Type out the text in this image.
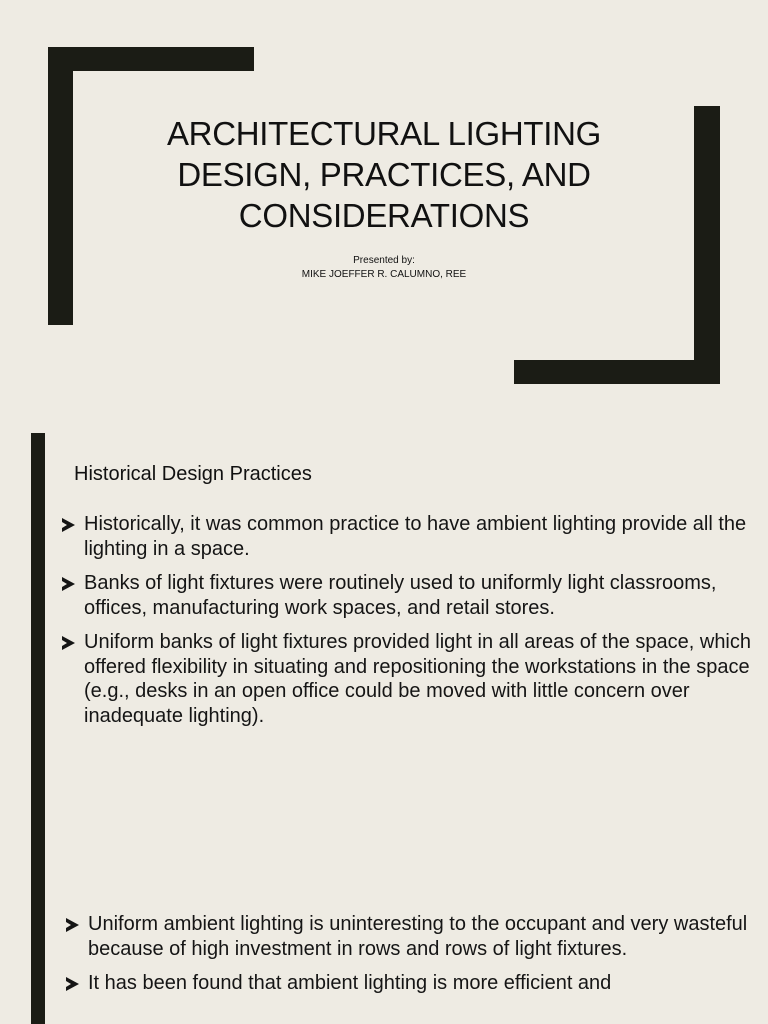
ARCHITECTURAL LIGHTING DESIGN, PRACTICES, AND CONSIDERATIONS
Presented by:
MIKE JOEFFER R. CALUMNO, REE
Historical Design Practices
Historically, it was common practice to have ambient lighting provide all the lighting in a space.
Banks of light fixtures were routinely used to uniformly light classrooms, offices, manufacturing work spaces, and retail stores.
Uniform banks of light fixtures provided light in all areas of the space, which offered flexibility in situating and repositioning the workstations in the space (e.g., desks in an open office could be moved with little concern over inadequate lighting).
Uniform ambient lighting is uninteresting to the occupant and very wasteful because of high investment in rows and rows of light fixtures.
It has been found that ambient lighting is more efficient and
